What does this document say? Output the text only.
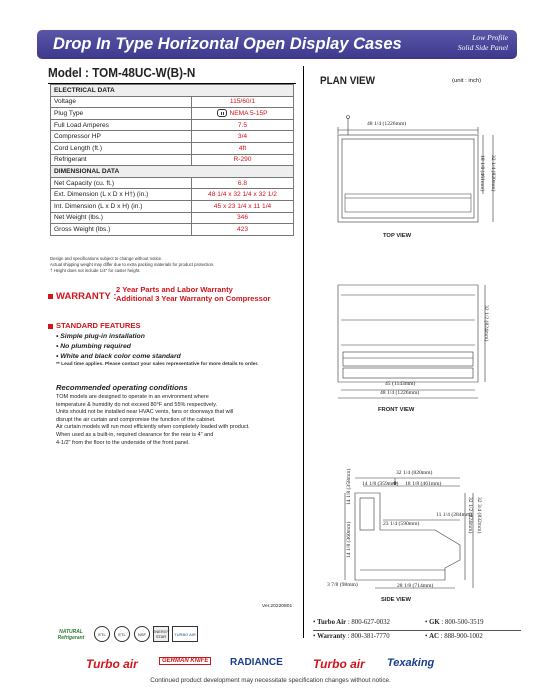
Drop In Type Horizontal Open Display Cases	Low Profile
Solid Side Panel
Model : TOM-48UC-W(B)-N
ELECTRICAL DATA	
Voltage	115/60/1
Plug Type	NEMA 5-15P
Full Load Amperes	7.5
Compressor HP	3/4
Cord Length (ft.)	4ft
Refrigerant	R-290
DIMENSIONAL DATA	
Net Capacity (cu. ft.)	6.8
Ext. Dimension (L x D x H†) (in.)	48 1/4 x 32 1/4 x 32 1/2
Int. Dimension (L x D x H) (in.)	45 x 23 1/4 x 11 1/4
Net Weight (lbs.)	346
Gross Weight (lbs.)	423
Design and specifications subject to change without notice.
Actual shipping weight may differ due to extra packing materials for product protection.
† Height does not include 1/4" for caster height.
WARRANTY :
2 Year Parts and Labor Warranty
Additional 3 Year Warranty on Compressor
STANDARD FEATURES
• Simple plug-in installation
• No plumbing required
• White and black color come standard
** Lead time applies. Please contact your sales representative for more details to order.
Recommended operating conditions
TOM models are designed to operate in an environment where
temperature & humidity do not exceed 80°F and 55% respectively.
Units should not be installed near HVAC vents, fans or doorways that will
disrupt the air curtain and compromise the function of the cabinet.
Air curtain models will run most efficiently when completely loaded with product.
When used as a built-in, required clearance for the rear is 4" and
4-1/2" from the floor to the underside of the front panel.
Ver.20220801
PLAN VIEW	(unit : inch)
48 1/4 (1226mm)
18 1/8 (461mm) 32 1/4 (820mm)
TOP VIEW
32 1/2 (824mm)
45 (1143mm)
48 1/4 (1226mm)
FRONT VIEW
32 1/4 (820mm)
14 1/8 (359mm) 18 1/8 (461mm)
11 1/4 (284mm)
23 1/4 (590mm)
14 1/8 (358mm)
14 1/8 (360mm)
3 7/8 (98mm)	28 1/8 (714mm)
32 1/2 (824mm) 32 3/4 (832mm)
SIDE VIEW
• Turbo Air : 800-627-0032	• GK : 800-500-3519
• Warranty : 800-381-7770	• AC : 888-900-1002
NATURAL Refrigerant
ETL	ETL	NSF	ENERGY STAR	TURBO AIR
Turbo air	GERMAN KNIFE	RADIANCE	Turbo air Texaking
Continued product development may necessitate specification changes without notice.
